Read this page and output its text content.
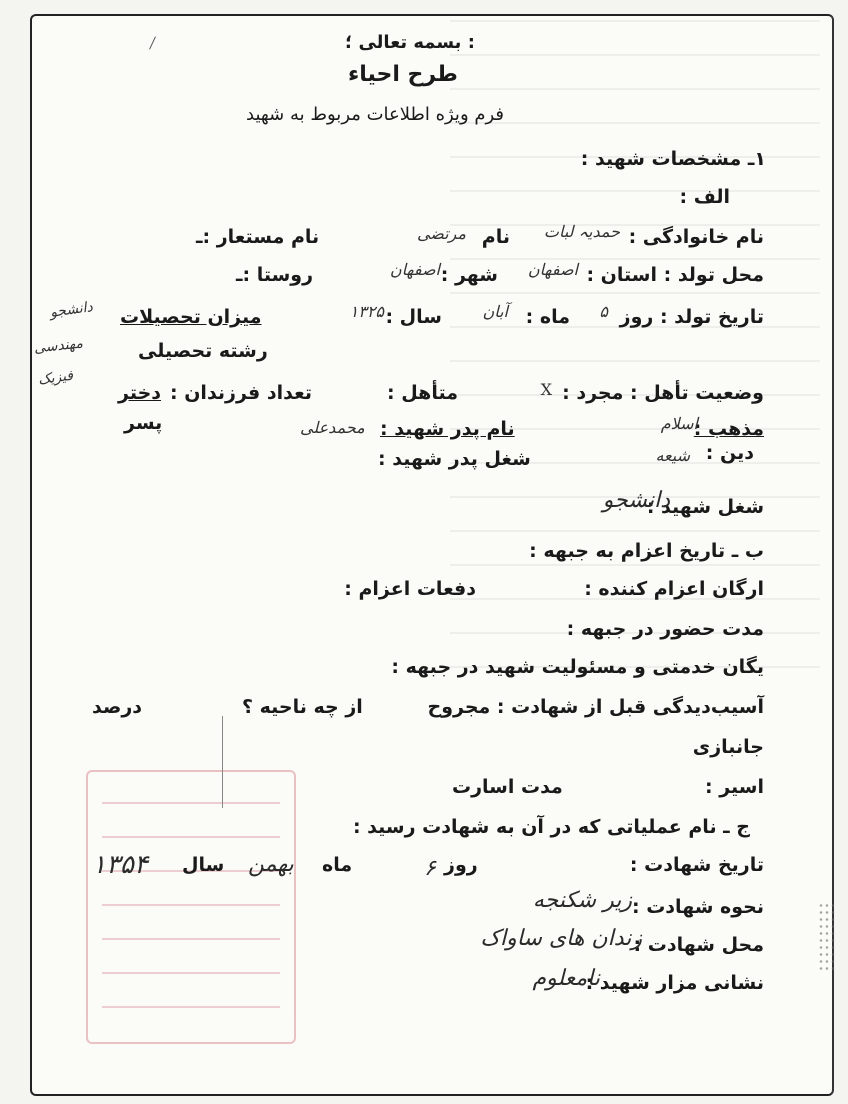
: بسمه تعالی ؛
طرح احیاء
فرم ویژه اطلاعات مربوط به شهید
۱ـ مشخصات شهید :
الف :
نام خانوادگی :
حمدیہ لبات
نام
مرتضی
نام مستعار :ـ
محل تولد : استان :
اصفهان
شهر :
اصفهان
روستا :ـ
تاریخ تولد : روز
۵
ماه :
آبان
سال :
۱۳۲۵
میزان تحصیلات
رشته تحصیلی
دانشجو
مهندسی
فیزیک
وضعیت تأهل : مجرد :
X
متأهل :
تعداد فرزندان :
دختر
پسر	مذهب :
اسلام
نام پدر شهید :
محمدعلی
دین :
شیعه
شغل پدر شهید :
شغل شهید :
دانشجو
ب ـ تاریخ اعزام به جبهه :
ارگان اعزام کننده :
دفعات اعزام :
مدت حضور در جبهه :
یگان خدمتی و مسئولیت شهید در جبهه :
آسیب‌دیدگی قبل از شهادت : مجروح
از چه ناحیه ؟
درصد
جانبازی
اسیر :
مدت اسارت
ج ـ نام عملیاتی که در آن به شهادت رسید :
تاریخ شهادت :
روز
۶
ماه
بهمن
سال
۱۳۵۴
نحوه شهادت :
زیر شکنجه
محل شهادت :
زندان های ساواک
نشانی مزار شهید :
نامعلوم
